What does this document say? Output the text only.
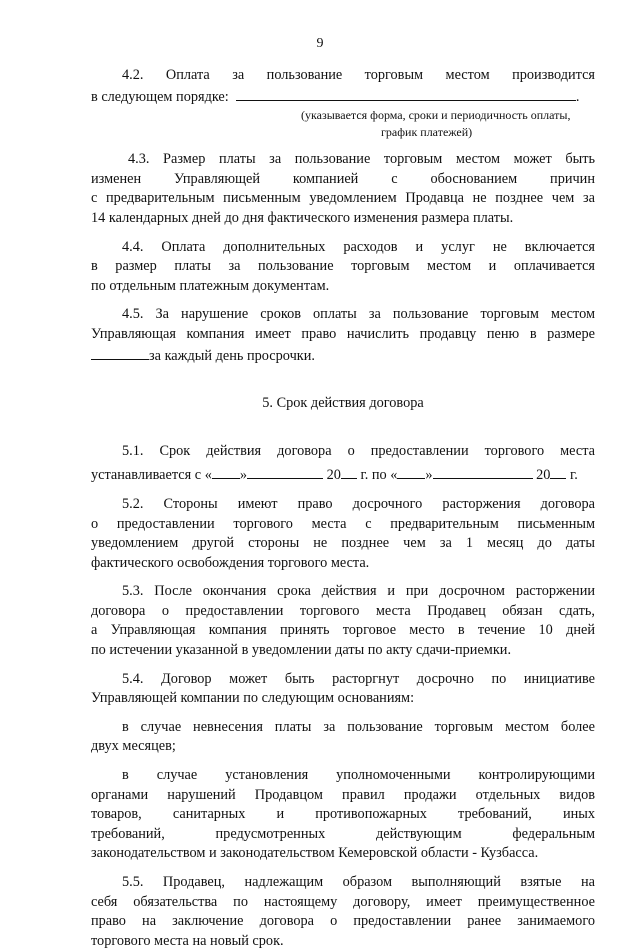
9
4.2. Оплата за пользование торговым местом производится
в следующем порядке:	.
(указывается форма, сроки и периодичность оплаты,
график платежей)
4.3. Размер платы за пользование торговым местом может быть
изменен Управляющей компанией с обоснованием причин
с предварительным письменным уведомлением Продавца не позднее чем за
14 календарных дней до дня фактического изменения размера платы.
4.4. Оплата дополнительных расходов и услуг не включается
в размер платы за пользование торговым местом и оплачивается
по отдельным платежным документам.
4.5. За нарушение сроков оплаты за пользование торговым местом
Управляющая компания имеет право начислить продавцу пеню в размере
за каждый день просрочки.
5. Срок действия договора
5.1. Срок действия договора о предоставлении торгового места
устанавливается с « »	20 г. по « »	20 г.
5.2. Стороны имеют право досрочного расторжения договора
о предоставлении торгового места с предварительным письменным
уведомлением другой стороны не позднее чем за 1 месяц до даты
фактического освобождения торгового места.
5.3. После окончания срока действия и при досрочном расторжении
договора о предоставлении торгового места Продавец обязан сдать,
а Управляющая компания принять торговое место в течение 10 дней
по истечении указанной в уведомлении даты по акту сдачи-приемки.
5.4. Договор может быть расторгнут досрочно по инициативе
Управляющей компании по следующим основаниям:
в случае невнесения платы за пользование торговым местом более
двух месяцев;
в случае установления уполномоченными контролирующими
органами нарушений Продавцом правил продажи отдельных видов
товаров, санитарных и противопожарных требований, иных
требований, предусмотренных действующим федеральным
законодательством и законодательством Кемеровской области - Кузбасса.
5.5. Продавец, надлежащим образом выполняющий взятые на
себя обязательства по настоящему договору, имеет преимущественное
право на заключение договора о предоставлении ранее занимаемого
торгового места на новый срок.
